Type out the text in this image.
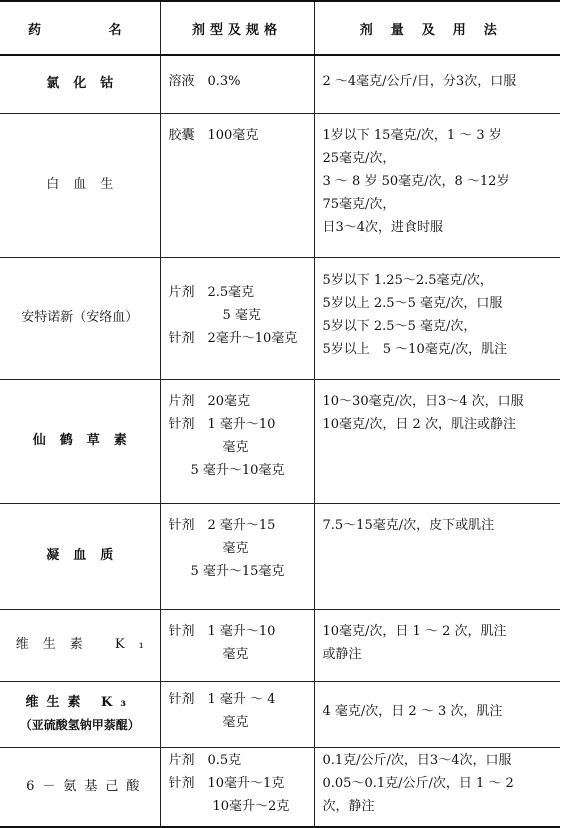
药 名	剂型及规格	剂量及用法

氯化钴	溶液　0.3%	2 ～4毫克/公斤/日，分3次，口服

白血生	胶囊　100毫克	1岁以下 15毫克/次，1 ～ 3 岁
25毫克/次，
3 ～ 8 岁 50毫克/次，8 ～12岁
75毫克/次，
日3～4次，进食时服

安特诺新（安络血）	片剂　2.5毫克
5 毫克
针剂　2毫升～10毫克	5岁以下 1.25～2.5毫克/次，
5岁以上 2.5～5 毫克/次，口服
5岁以下 2.5～5 毫克/次，
5岁以上　5 ～10毫克/次，肌注

仙鹤草素	片剂　20毫克
针剂　1 毫升～10
毫克
5 毫升～10毫克	10～30毫克/次，日3～4 次，口服
10毫克/次，日 2 次，肌注或静注

凝血质	针剂　2 毫升～15
毫克
5 毫升～15毫克	7.5～15毫克/次，皮下或肌注

维生素 K₁	针剂　1 毫升～10
毫克	10毫克/次，日 1 ～ 2 次，肌注
或静注

维生素 K₃
（亚硫酸氢钠甲萘醌）	针剂　1 毫升 ～ 4
毫克	4 毫克/次，日 2 ～ 3 次，肌注

6－氨基己酸	片剂　0.5克
针剂　10毫升～1克
10毫升～2克	0.1克/公斤/次，日3～4次，口服
0.05～0.1克/公斤/次，日 1 ～ 2
次，静注
